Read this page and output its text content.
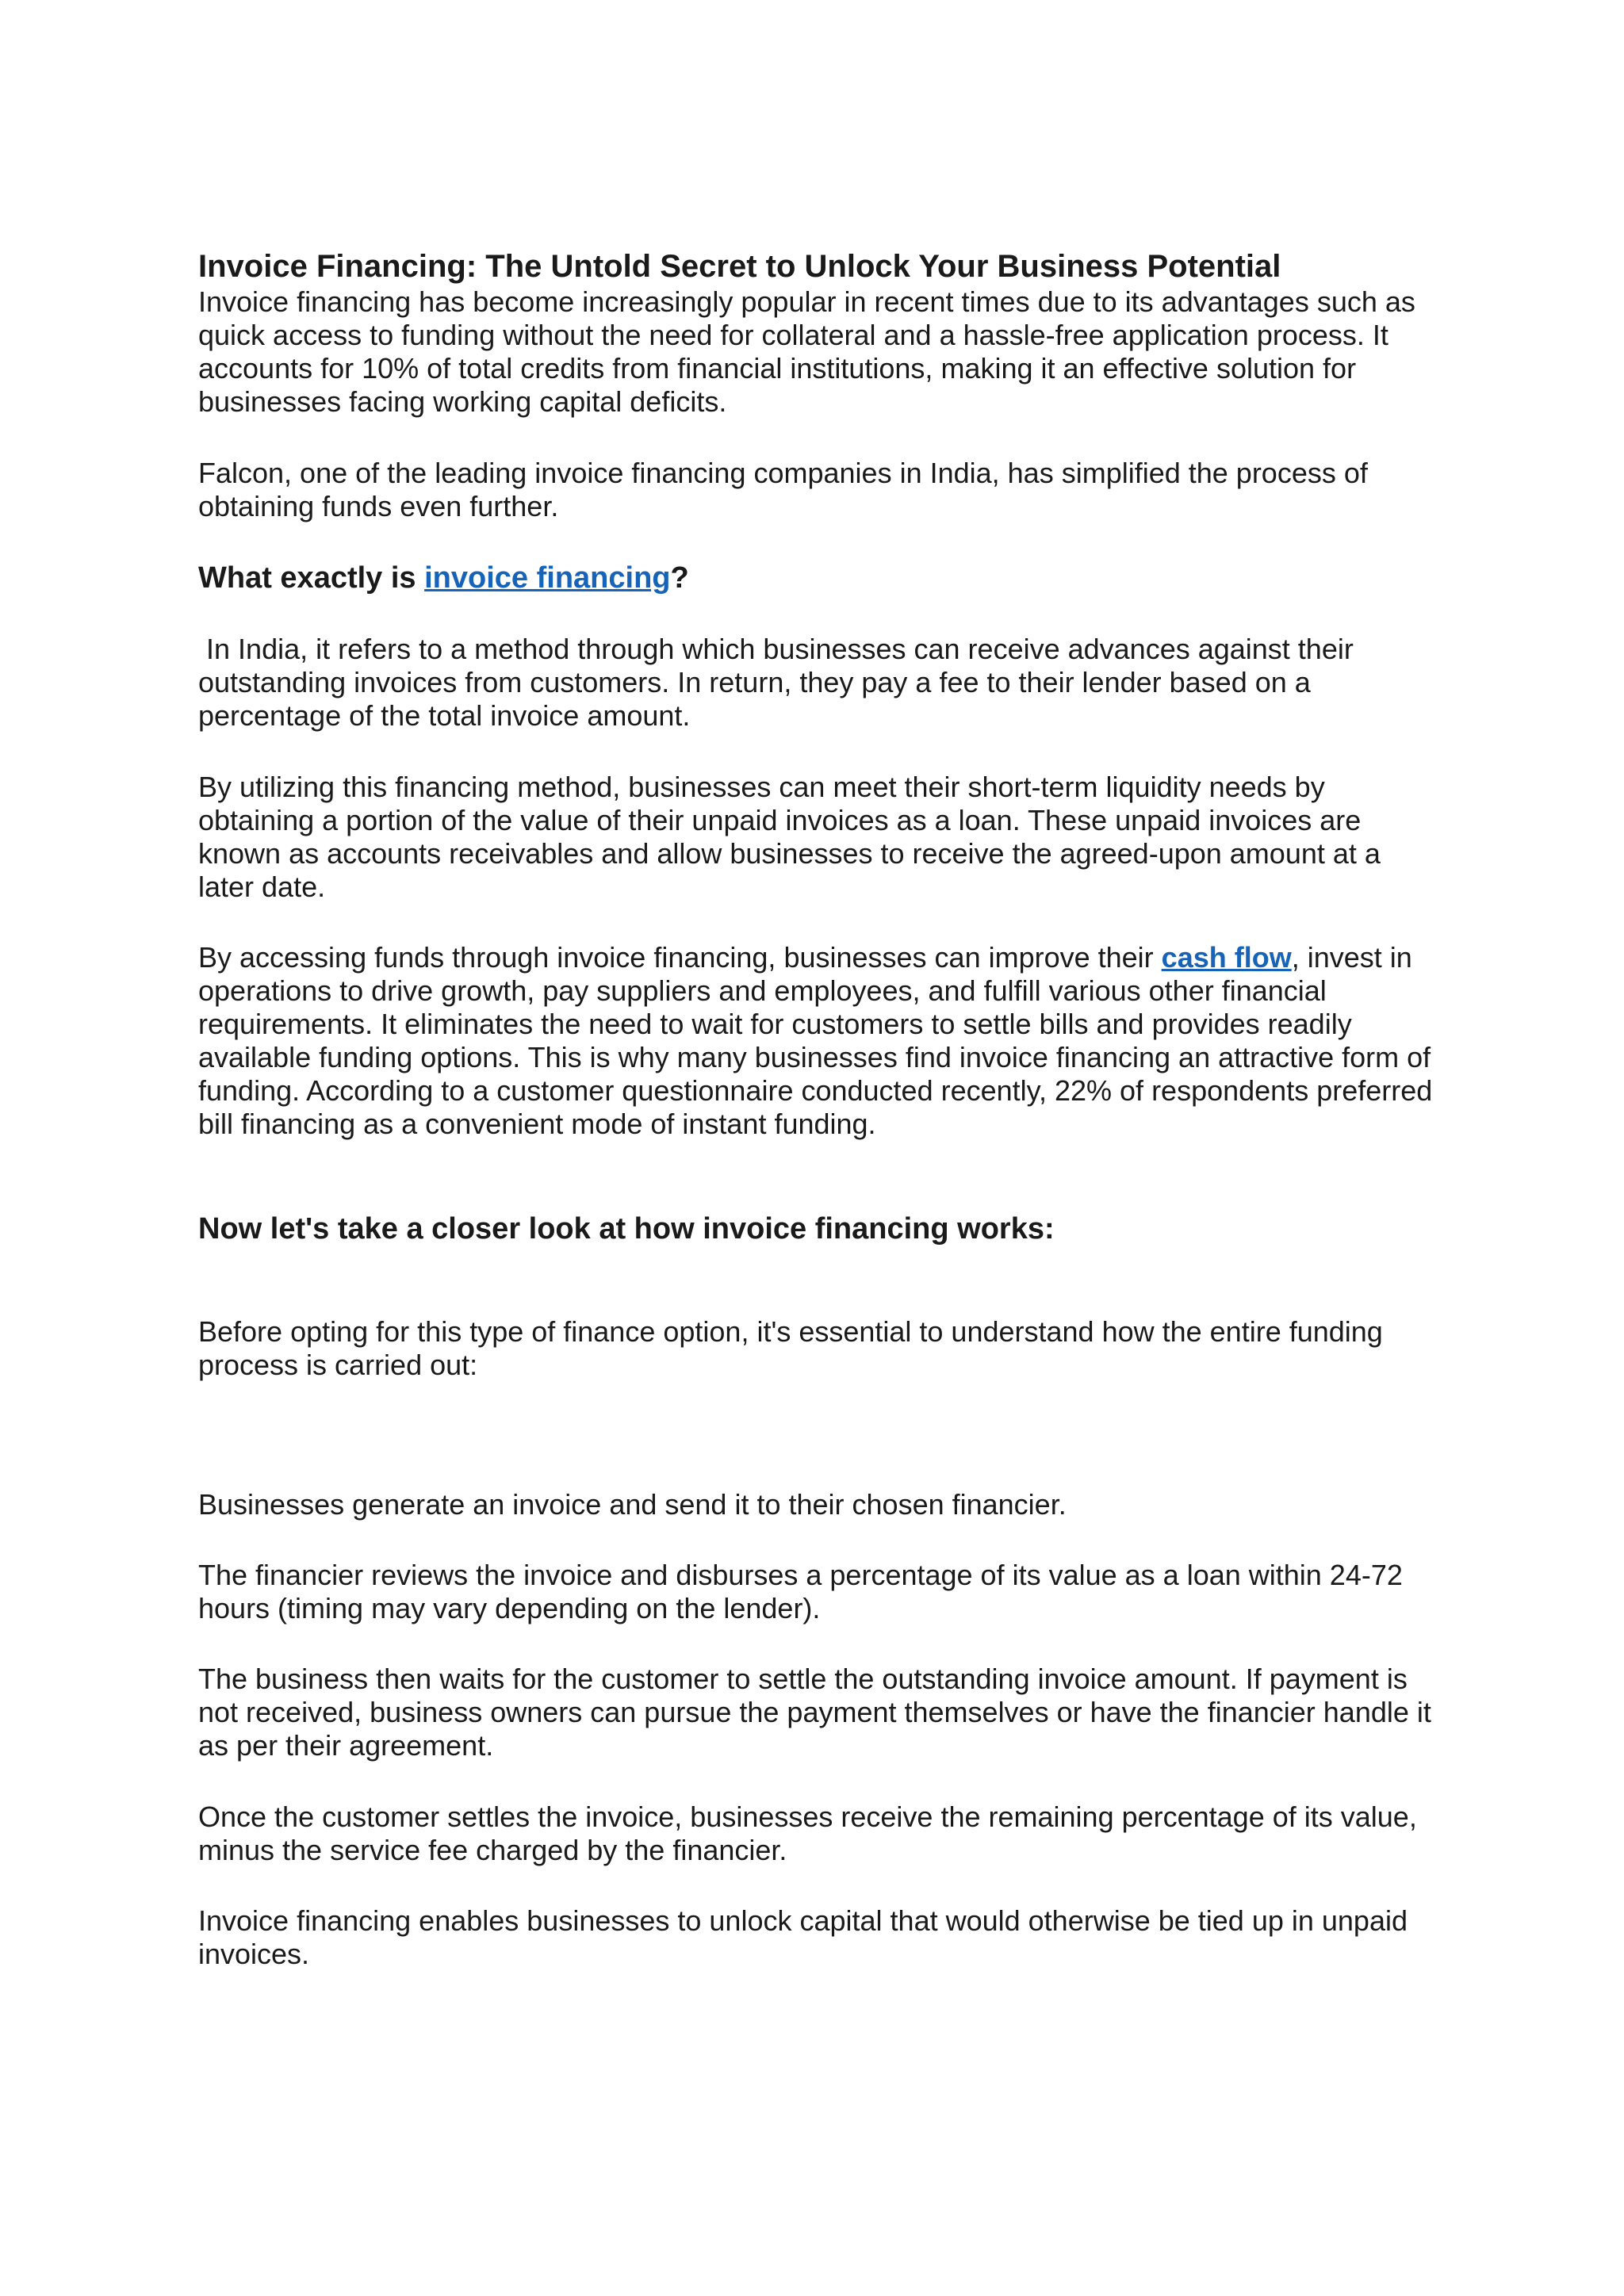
Invoice Financing: The Untold Secret to Unlock Your Business Potential

Invoice financing has become increasingly popular in recent times due to its advantages such as quick access to funding without the need for collateral and a hassle-free application process. It accounts for 10% of total credits from financial institutions, making it an effective solution for businesses facing working capital deficits.

Falcon, one of the leading invoice financing companies in India, has simplified the process of obtaining funds even further.

What exactly is invoice financing?

In India, it refers to a method through which businesses can receive advances against their outstanding invoices from customers. In return, they pay a fee to their lender based on a percentage of the total invoice amount.

By utilizing this financing method, businesses can meet their short-term liquidity needs by obtaining a portion of the value of their unpaid invoices as a loan. These unpaid invoices are known as accounts receivables and allow businesses to receive the agreed-upon amount at a later date.

By accessing funds through invoice financing, businesses can improve their cash flow, invest in operations to drive growth, pay suppliers and employees, and fulfill various other financial requirements. It eliminates the need to wait for customers to settle bills and provides readily available funding options. This is why many businesses find invoice financing an attractive form of funding. According to a customer questionnaire conducted recently, 22% of respondents preferred bill financing as a convenient mode of instant funding.

Now let's take a closer look at how invoice financing works:

Before opting for this type of finance option, it's essential to understand how the entire funding process is carried out:

Businesses generate an invoice and send it to their chosen financier.

The financier reviews the invoice and disburses a percentage of its value as a loan within 24-72 hours (timing may vary depending on the lender).

The business then waits for the customer to settle the outstanding invoice amount. If payment is not received, business owners can pursue the payment themselves or have the financier handle it as per their agreement.

Once the customer settles the invoice, businesses receive the remaining percentage of its value, minus the service fee charged by the financier.

Invoice financing enables businesses to unlock capital that would otherwise be tied up in unpaid invoices.
